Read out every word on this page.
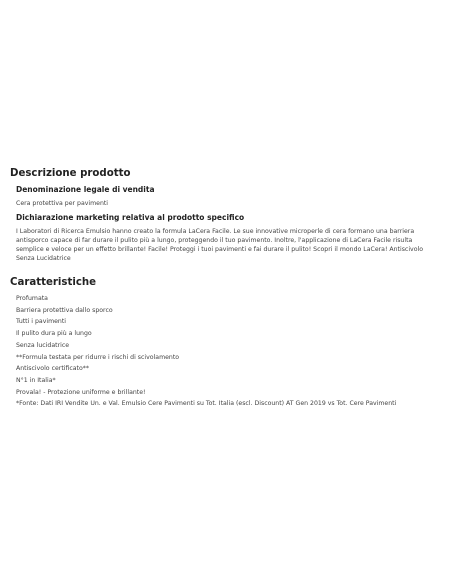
Descrizione prodotto
Denominazione legale di vendita

Cera protettiva per pavimenti

Dichiarazione marketing relativa al prodotto specifico

I Laboratori di Ricerca Emulsio hanno creato la formula LaCera Facile. Le sue innovative microperle di cera formano una barriera antisporco capace di far durare il pulito più a lungo, proteggendo il tuo pavimento. Inoltre, l'applicazione di LaCera Facile risulta semplice e veloce per un effetto brillante! Facile! Proteggi i tuoi pavimenti e fai durare il pulito! Scopri il mondo LaCera! Antiscivolo Senza Lucidatrice

Caratteristiche
Profumata
Barriera protettiva dallo sporco
Tutti i pavimenti
Il pulito dura più a lungo
Senza lucidatrice
**Formula testata per ridurre i rischi di scivolamento
Antiscivolo certificato**
N°1 in Italia*
Provala! - Protezione uniforme e brillante!
*Fonte: Dati IRI Vendite Un. e Val. Emulsio Cere Pavimenti su Tot. Italia (escl. Discount) AT Gen 2019 vs Tot. Cere Pavimenti
